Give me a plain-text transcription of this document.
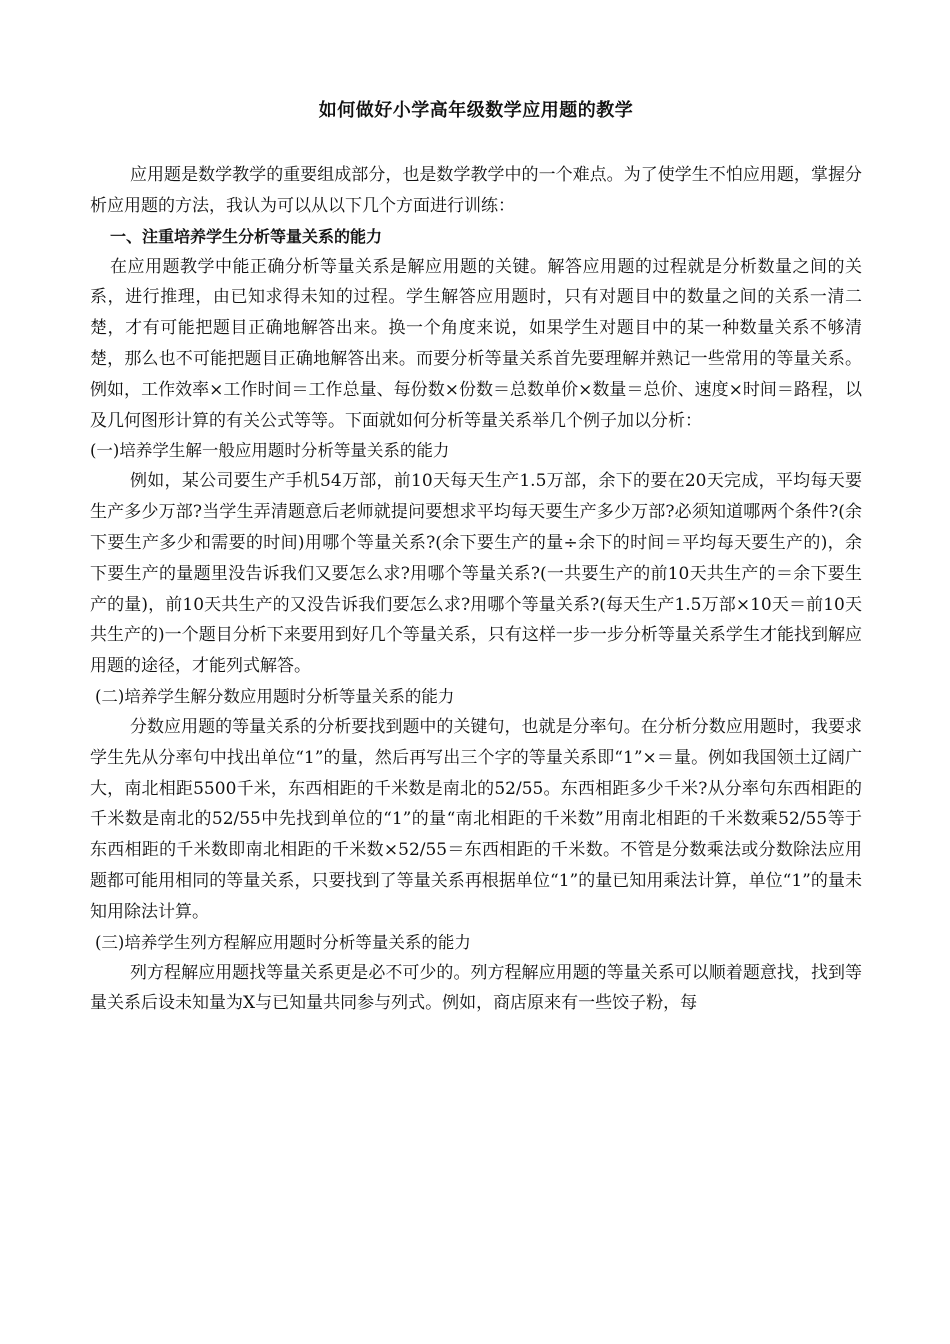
如何做好小学高年级数学应用题的教学

应用题是数学教学的重要组成部分，也是数学教学中的一个难点。为了使学生不怕应用题，掌握分析应用题的方法，我认为可以从以下几个方面进行训练：

一、注重培养学生分析等量关系的能力

在应用题教学中能正确分析等量关系是解应用题的关键。解答应用题的过程就是分析数量之间的关系，进行推理，由已知求得未知的过程。学生解答应用题时，只有对题目中的数量之间的关系一清二楚，才有可能把题目正确地解答出来。换一个角度来说，如果学生对题目中的某一种数量关系不够清楚，那么也不可能把题目正确地解答出来。而要分析等量关系首先要理解并熟记一些常用的等量关系。例如，工作效率×工作时间＝工作总量、每份数×份数＝总数单价×数量＝总价、速度×时间＝路程，以及几何图形计算的有关公式等等。下面就如何分析等量关系举几个例子加以分析：

(一)培养学生解一般应用题时分析等量关系的能力

例如，某公司要生产手机54万部，前10天每天生产1.5万部，余下的要在20天完成，平均每天要生产多少万部?当学生弄清题意后老师就提问要想求平均每天要生产多少万部?必须知道哪两个条件?(余下要生产多少和需要的时间)用哪个等量关系?(余下要生产的量÷余下的时间＝平均每天要生产的)，余下要生产的量题里没告诉我们又要怎么求?用哪个等量关系?(一共要生产的前10天共生产的＝余下要生产的量)，前10天共生产的又没告诉我们要怎么求?用哪个等量关系?(每天生产1.5万部×10天＝前10天共生产的)一个题目分析下来要用到好几个等量关系，只有这样一步一步分析等量关系学生才能找到解应用题的途径，才能列式解答。

(二)培养学生解分数应用题时分析等量关系的能力

分数应用题的等量关系的分析要找到题中的关键句，也就是分率句。在分析分数应用题时，我要求学生先从分率句中找出单位“1”的量，然后再写出三个字的等量关系即“1”×＝量。例如我国领土辽阔广大，南北相距5500千米，东西相距的千米数是南北的52/55。东西相距多少千米?从分率句东西相距的千米数是南北的52/55中先找到单位的“1”的量“南北相距的千米数”用南北相距的千米数乘52/55等于东西相距的千米数即南北相距的千米数×52/55＝东西相距的千米数。不管是分数乘法或分数除法应用题都可能用相同的等量关系，只要找到了等量关系再根据单位“1”的量已知用乘法计算，单位“1”的量未知用除法计算。

(三)培养学生列方程解应用题时分析等量关系的能力

列方程解应用题找等量关系更是必不可少的。列方程解应用题的等量关系可以顺着题意找，找到等量关系后设未知量为X与已知量共同参与列式。例如，商店原来有一些饺子粉，每
